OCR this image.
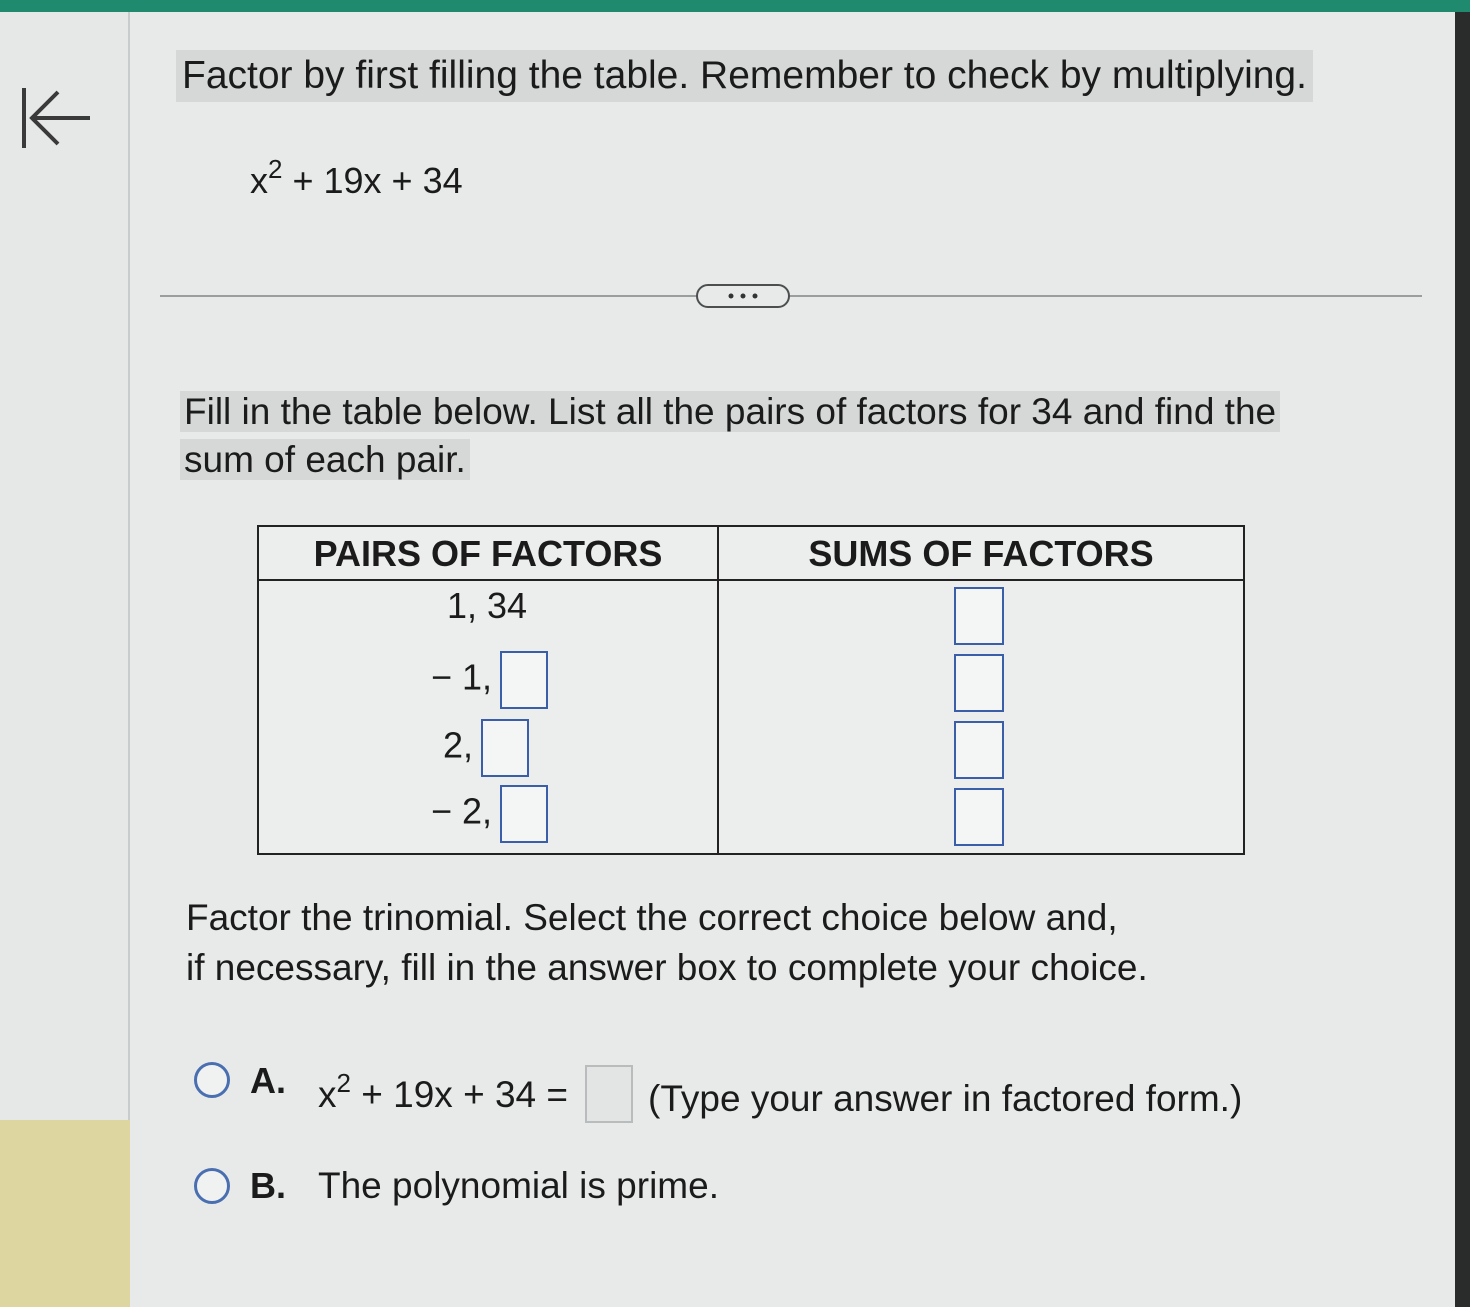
Factor by first filling the table. Remember to check by multiplying.
$x^2 + 19x + 34$
Fill in the table below. List all the pairs of factors for 34 and find the
sum of each pair.
PAIRS OF FACTORS	SUMS OF FACTORS
1, 34
− 1,
2,
− 2,
Factor the trinomial. Select the correct choice below and,
if necessary, fill in the answer box to complete your choice.
A. $x^2 + 19x + 34$ = (Type your answer in factored form.)
B. The polynomial is prime.
